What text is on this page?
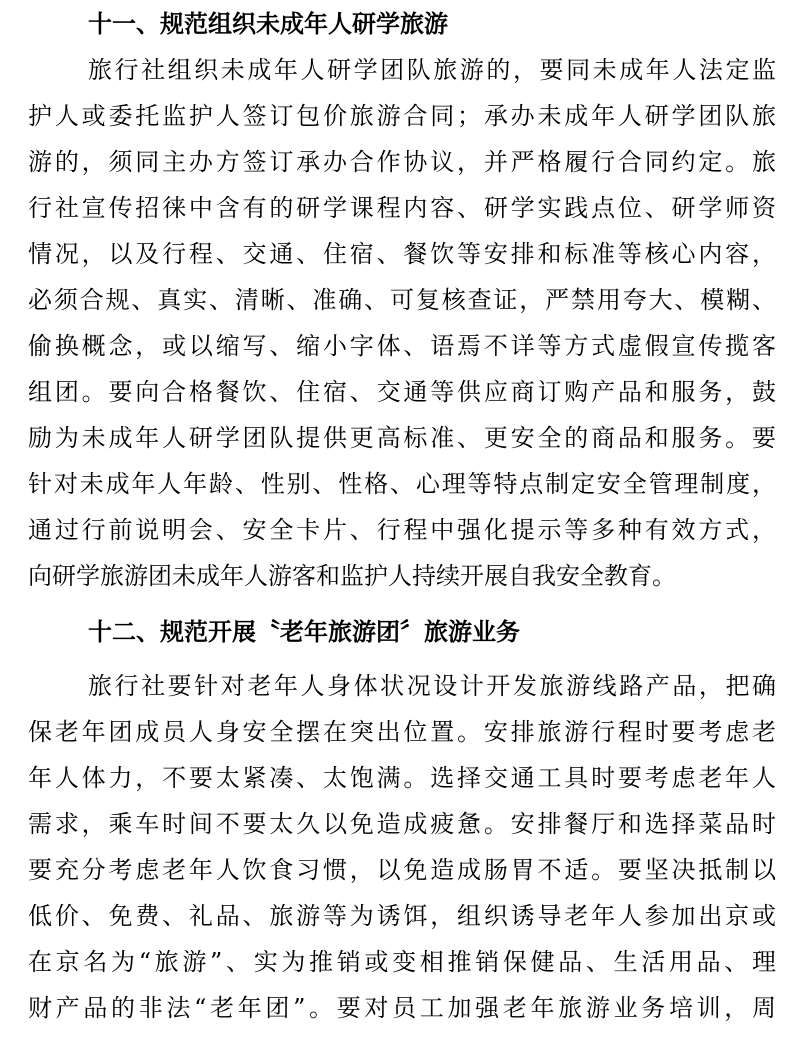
十一、规范组织未成年人研学旅游
旅行社组织未成年人研学团队旅游的，要同未成年人法定监
护人或委托监护人签订包价旅游合同；承办未成年人研学团队旅
游的，须同主办方签订承办合作协议，并严格履行合同约定。旅
行社宣传招徕中含有的研学课程内容、研学实践点位、研学师资
情况，以及行程、交通、住宿、餐饮等安排和标准等核心内容，
必须合规、真实、清晰、准确、可复核查证，严禁用夸大、模糊、
偷换概念，或以缩写、缩小字体、语焉不详等方式虚假宣传揽客
组团。要向合格餐饮、住宿、交通等供应商订购产品和服务，鼓
励为未成年人研学团队提供更高标准、更安全的商品和服务。要
针对未成年人年龄、性别、性格、心理等特点制定安全管理制度，
通过行前说明会、安全卡片、行程中强化提示等多种有效方式，
向研学旅游团未成年人游客和监护人持续开展自我安全教育。
十二、规范开展〝老年旅游团〞旅游业务
旅行社要针对老年人身体状况设计开发旅游线路产品，把确
保老年团成员人身安全摆在突出位置。安排旅游行程时要考虑老
年人体力，不要太紧凑、太饱满。选择交通工具时要考虑老年人
需求，乘车时间不要太久以免造成疲惫。安排餐厅和选择菜品时
要充分考虑老年人饮食习惯，以免造成肠胃不适。要坚决抵制以
低价、免费、礼品、旅游等为诱饵，组织诱导老年人参加出京或
在京名为“旅游”、实为推销或变相推销保健品、生活用品、理
财产品的非法“老年团”。要对员工加强老年旅游业务培训，周
